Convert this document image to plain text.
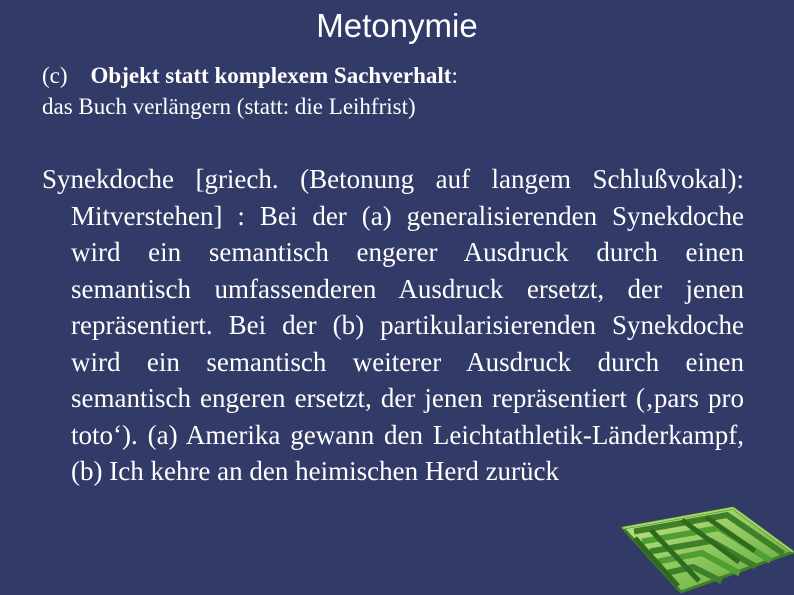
Metonymie
(c) Objekt statt komplexem Sachverhalt:
das Buch verlängern (statt: die Leihfrist)
Synekdoche [griech. (Betonung auf langem Schlußvokal): Mitverstehen] : Bei der (a) generalisierenden Synekdoche wird ein semantisch engerer Ausdruck durch einen semantisch umfassenderen Ausdruck ersetzt, der jenen repräsentiert. Bei der (b) partikularisierenden Synekdoche wird ein semantisch weiterer Ausdruck durch einen semantisch engeren ersetzt, der jenen repräsentiert (‚pars pro toto‘). (a) Amerika gewann den Leichtathletik-Länderkampf, (b) Ich kehre an den heimischen Herd zurück
